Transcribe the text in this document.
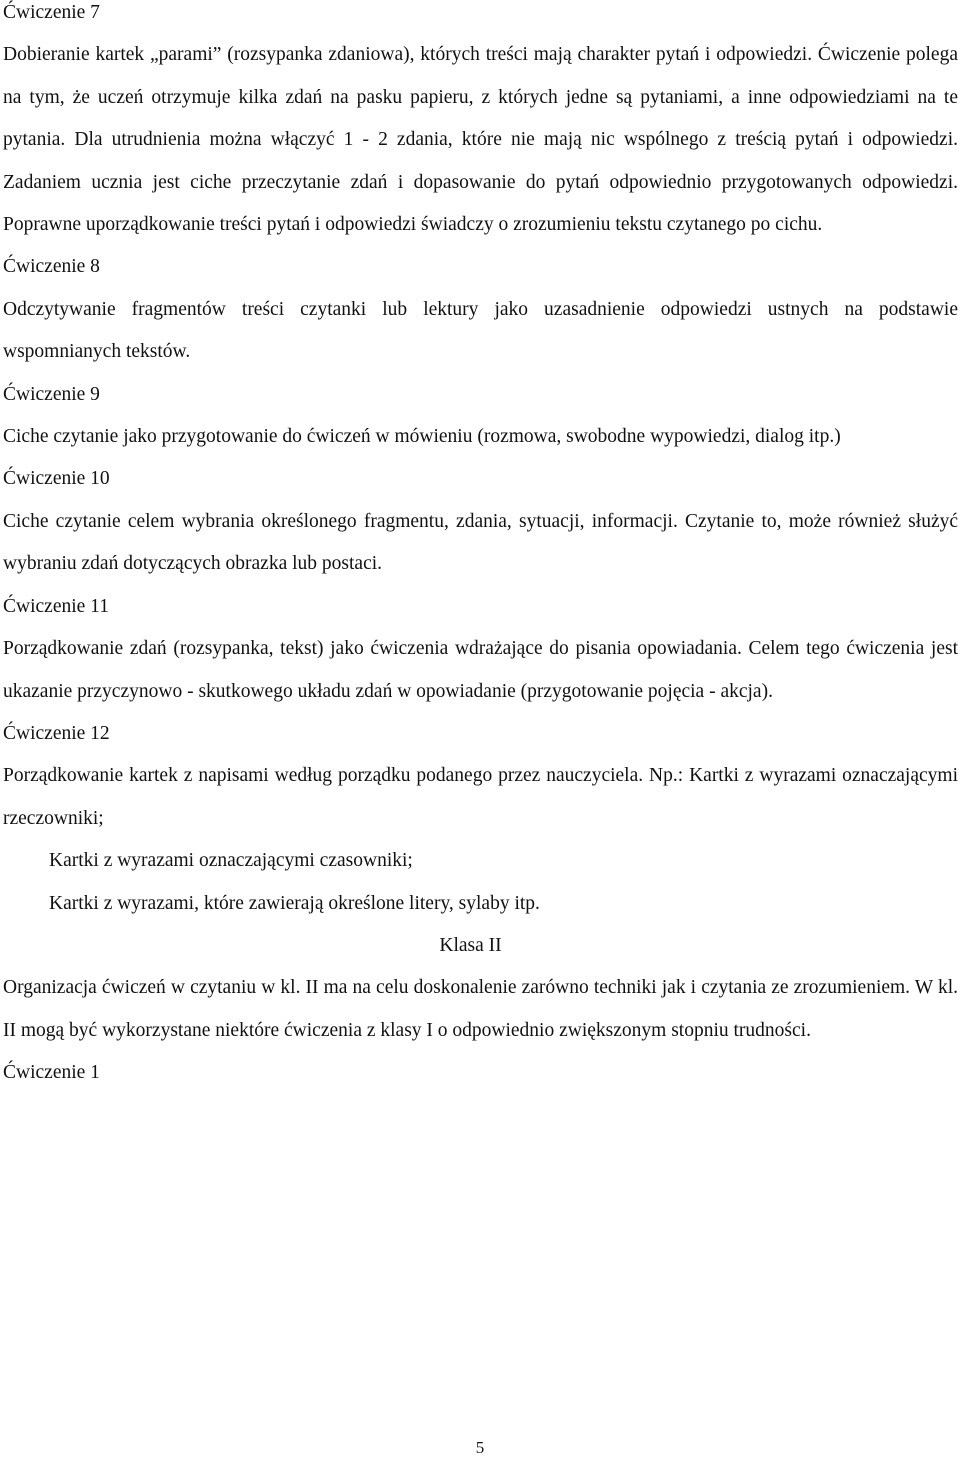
Ćwiczenie 7

Dobieranie kartek „parami” (rozsypanka zdaniowa), których treści mają charakter pytań i odpowiedzi. Ćwiczenie polega na tym, że uczeń otrzymuje kilka zdań na pasku papieru, z których jedne są pytaniami, a inne odpowiedziami na te pytania. Dla utrudnienia można włączyć 1 - 2 zdania, które nie mają nic wspólnego z treścią pytań i odpowiedzi. Zadaniem ucznia jest ciche przeczytanie zdań i dopasowanie do pytań odpowiednio przygotowanych odpowiedzi. Poprawne uporządkowanie treści pytań i odpowiedzi świadczy o zrozumieniu tekstu czytanego po cichu.

Ćwiczenie 8

Odczytywanie fragmentów treści czytanki lub lektury jako uzasadnienie odpowiedzi ustnych na podstawie wspomnianych tekstów.

Ćwiczenie 9

Ciche czytanie jako przygotowanie do ćwiczeń w mówieniu (rozmowa, swobodne wypowiedzi, dialog itp.)

Ćwiczenie 10

Ciche czytanie celem wybrania określonego fragmentu, zdania, sytuacji, informacji. Czytanie to, może również służyć wybraniu zdań dotyczących obrazka lub postaci.

Ćwiczenie 11

Porządkowanie zdań (rozsypanka, tekst) jako ćwiczenia wdrażające do pisania opowiadania. Celem tego ćwiczenia jest ukazanie przyczynowo - skutkowego układu zdań w opowiadanie (przygotowanie pojęcia - akcja).

Ćwiczenie 12

Porządkowanie kartek z napisami według porządku podanego przez nauczyciela. Np.: Kartki z wyrazami oznaczającymi rzeczowniki;

Kartki z wyrazami oznaczającymi czasowniki;

Kartki z wyrazami, które zawierają określone litery, sylaby itp.

Klasa II

Organizacja ćwiczeń w czytaniu w kl. II ma na celu doskonalenie zarówno techniki jak i czytania ze zrozumieniem. W kl. II mogą być wykorzystane niektóre ćwiczenia z klasy I o odpowiednio zwiększonym stopniu trudności.

Ćwiczenie 1

5
